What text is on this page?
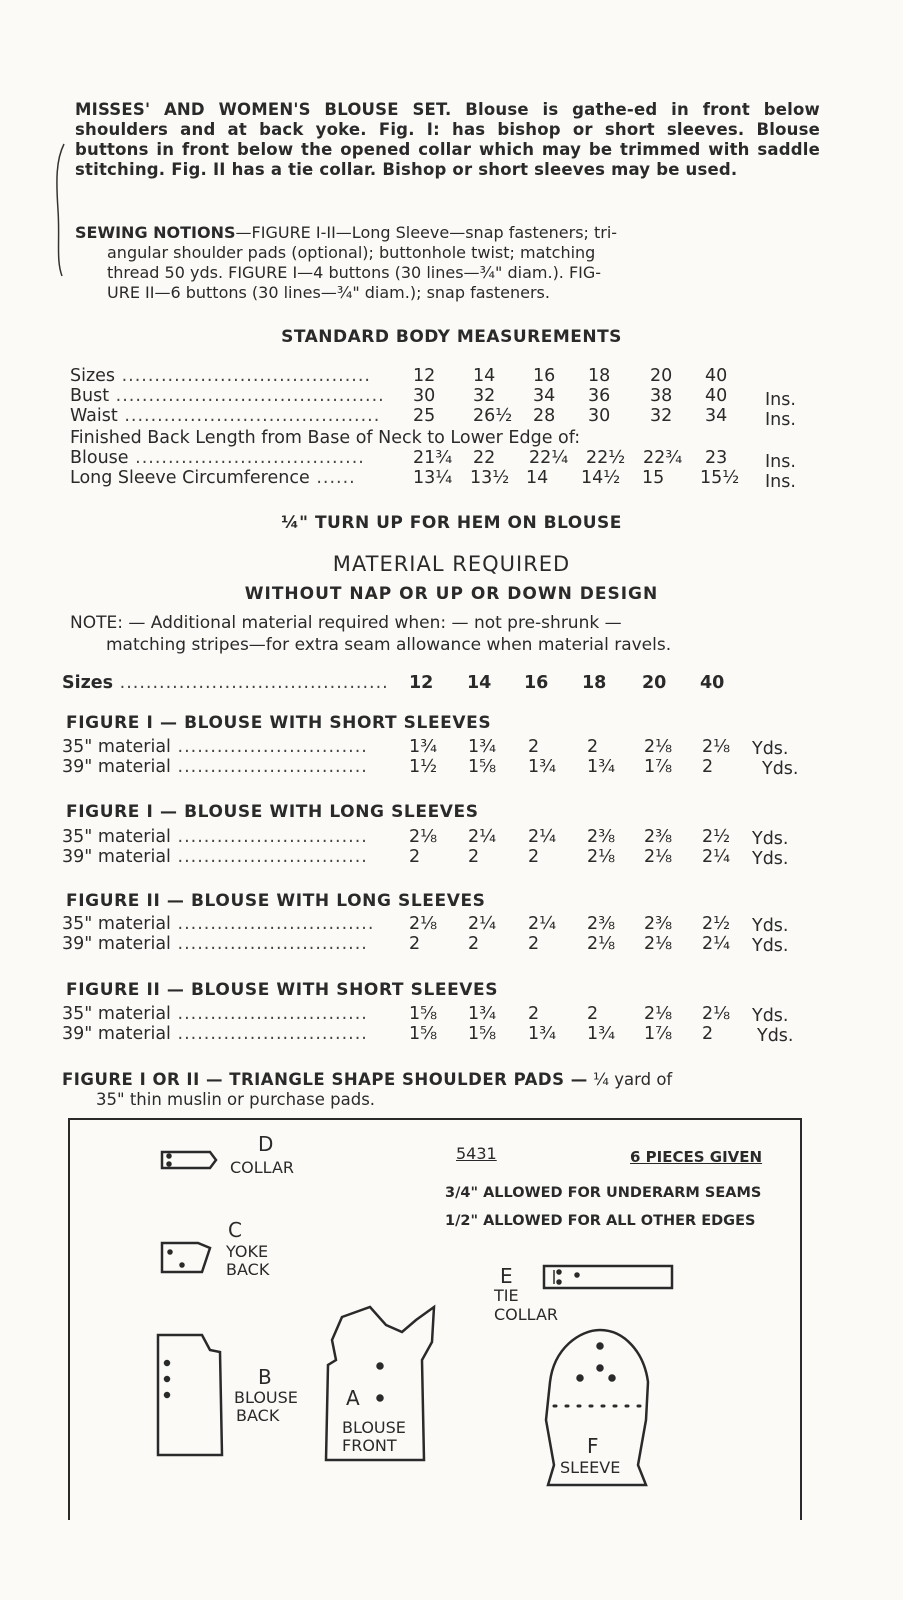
MISSES' AND WOMEN'S BLOUSE SET. Blouse is gathe-ed in front below shoulders and at back yoke. Fig. I: has bishop or short sleeves. Blouse buttons in front below the opened collar which may be trimmed with saddle stitching. Fig. II has a tie collar. Bishop or short sleeves may be used.
SEWING NOTIONS—FIGURE I-II—Long Sleeve—snap fasteners; tri-
angular shoulder pads (optional); buttonhole twist; matching
thread 50 yds. FIGURE I—4 buttons (30 lines—¾" diam.). FIG-
URE II—6 buttons (30 lines—¾" diam.); snap fasteners.
STANDARD BODY MEASUREMENTS
Sizes ...................................... 12 14 16 18 20 40
Bust ......................................... 30 32 34 36 38 40 Ins.
Waist ....................................... 25 26½ 28 30 32 34 Ins.
Finished Back Length from Base of Neck to Lower Edge of:
Blouse ...................................	21¾ 22 22¼ 22½ 22¾ 23 Ins.
Long Sleeve Circumference ......	13¼ 13½ 14 14½ 15 15½ Ins.
¼" TURN UP FOR HEM ON BLOUSE
MATERIAL REQUIRED
WITHOUT NAP OR UP OR DOWN DESIGN
NOTE: — Additional material required when: — not pre-shrunk —
matching stripes—for extra seam allowance when material ravels.
Sizes ......................................... 12 14 16 18 20 40
FIGURE I — BLOUSE WITH SHORT SLEEVES
35" material ............................. 1¾ 1¾ 2	2	2⅛ 2⅛ Yds.
39" material ............................. 1½ 1⅝ 1¾ 1¾ 1⅞ 2	Yds.
FIGURE I — BLOUSE WITH LONG SLEEVES
35" material ............................. 2⅛ 2¼ 2¼ 2⅜ 2⅜ 2½ Yds.
39" material ............................. 2	2	2	2⅛ 2⅛ 2¼ Yds.
FIGURE II — BLOUSE WITH LONG SLEEVES
35" material .............................. 2⅛ 2¼ 2¼ 2⅜ 2⅜ 2½ Yds.
39" material ............................. 2	2	2	2⅛ 2⅛ 2¼ Yds.
FIGURE II — BLOUSE WITH SHORT SLEEVES
35" material ............................. 1⅝ 1¾ 2	2	2⅛ 2⅛ Yds.
39" material ............................. 1⅝ 1⅝ 1¾ 1¾ 1⅞ 2	Yds.
FIGURE I OR II — TRIANGLE SHAPE SHOULDER PADS — ¼ yard of
35" thin muslin or purchase pads.
5431	6 PIECES GIVEN
3/4" ALLOWED FOR UNDERARM SEAMS
1/2" ALLOWED FOR ALL OTHER EDGES
D
COLLAR
C
YOKE
BACK	E
TIE
COLLAR
B
BLOUSE
BACK
A
BLOUSE
FRONT	F
SLEEVE
